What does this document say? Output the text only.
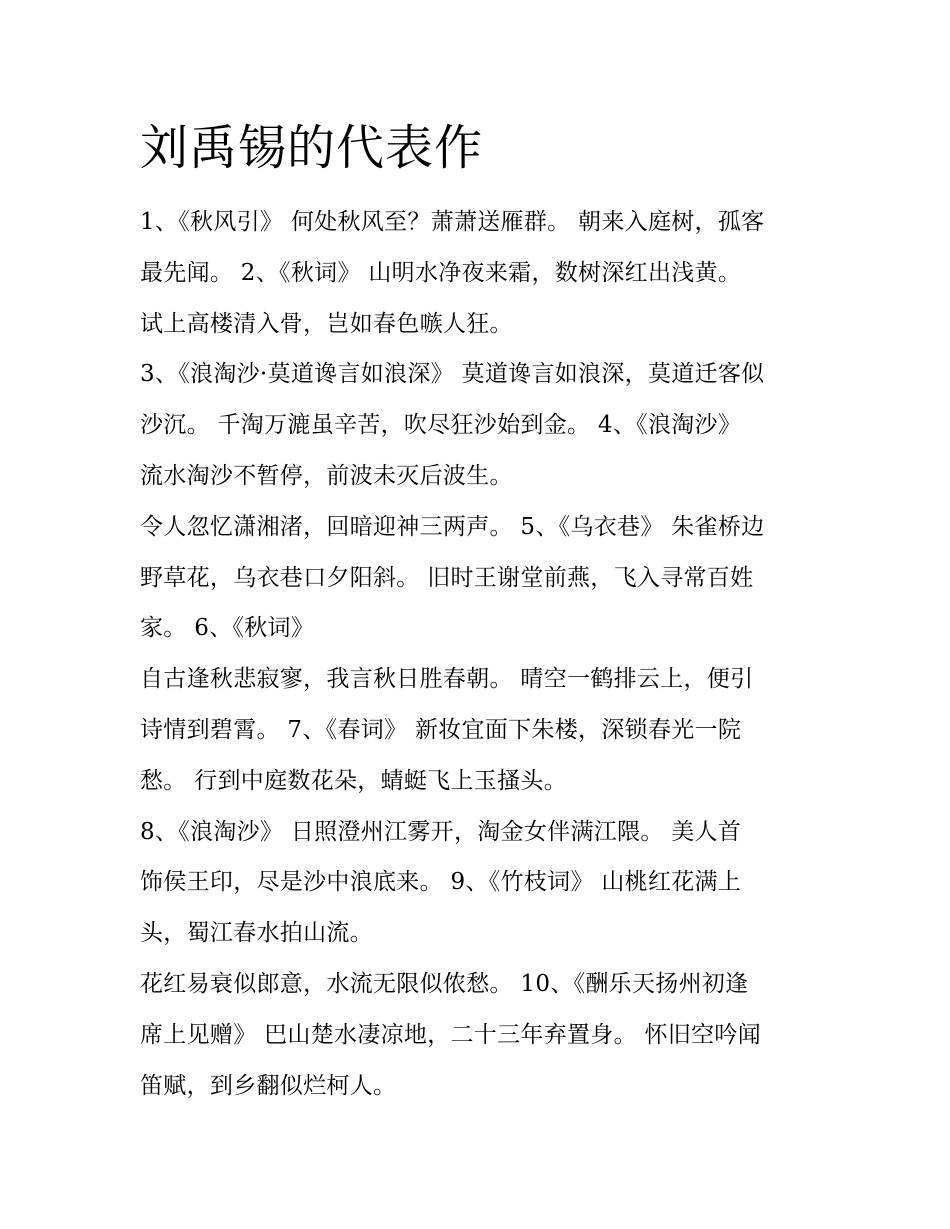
刘禹锡的代表作
1、《秋风引》 何处秋风至？萧萧送雁群。 朝来入庭树，孤客
最先闻。 2、《秋词》 山明水净夜来霜，数树深红出浅黄。
试上高楼清入骨，岂如春色嗾人狂。
3、《浪淘沙·莫道谗言如浪深》 莫道谗言如浪深，莫道迁客似
沙沉。 千淘万漉虽辛苦，吹尽狂沙始到金。 4、《浪淘沙》
流水淘沙不暂停，前波未灭后波生。
令人忽忆潇湘渚，回暗迎神三两声。 5、《乌衣巷》 朱雀桥边
野草花，乌衣巷口夕阳斜。 旧时王谢堂前燕，飞入寻常百姓
家。 6、《秋词》
自古逢秋悲寂寥，我言秋日胜春朝。 晴空一鹤排云上，便引
诗情到碧霄。 7、《春词》 新妆宜面下朱楼，深锁春光一院
愁。 行到中庭数花朵，蜻蜓飞上玉搔头。
8、《浪淘沙》 日照澄州江雾开，淘金女伴满江隈。 美人首
饰侯王印，尽是沙中浪底来。 9、《竹枝词》 山桃红花满上
头，蜀江春水拍山流。
花红易衰似郎意，水流无限似侬愁。 10、《酬乐天扬州初逢
席上见赠》 巴山楚水凄凉地，二十三年弃置身。 怀旧空吟闻
笛赋，到乡翻似烂柯人。
